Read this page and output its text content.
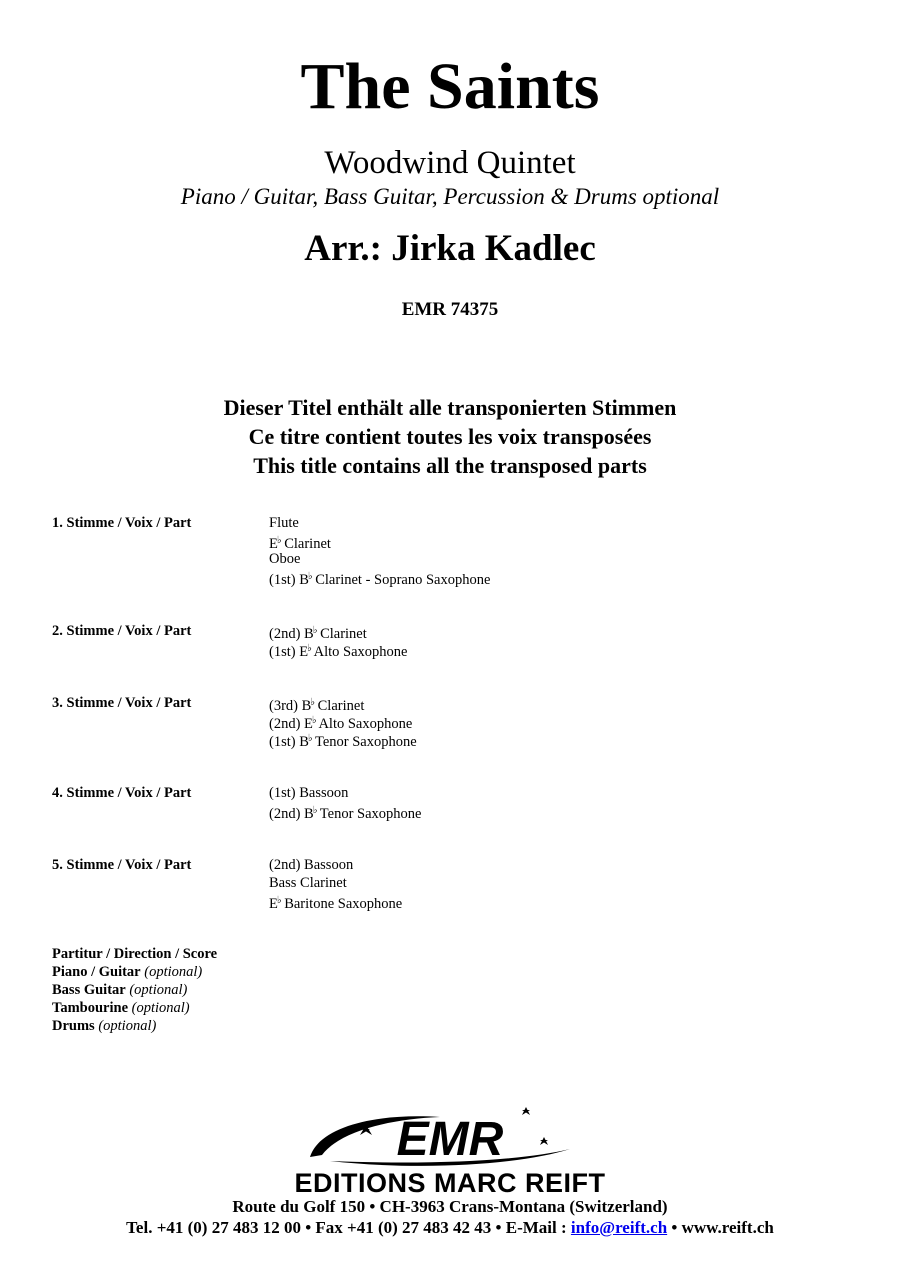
The Saints
Woodwind Quintet
Piano / Guitar, Bass Guitar, Percussion & Drums optional
Arr.: Jirka Kadlec
EMR 74375
Dieser Titel enthält alle transponierten Stimmen
Ce titre contient toutes les voix transposées
This title contains all the transposed parts
1. Stimme / Voix / Part	Flute
E♭ Clarinet
Oboe
(1st) B♭ Clarinet - Soprano Saxophone
2. Stimme / Voix / Part	(2nd) B♭ Clarinet
(1st) E♭ Alto Saxophone
3. Stimme / Voix / Part	(3rd) B♭ Clarinet
(2nd) E♭ Alto Saxophone
(1st) B♭ Tenor Saxophone
4. Stimme / Voix / Part	(1st) Bassoon
(2nd) B♭ Tenor Saxophone
5. Stimme / Voix / Part	(2nd) Bassoon
Bass Clarinet
E♭ Baritone Saxophone
Partitur / Direction / Score
Piano / Guitar (optional)
Bass Guitar (optional)
Tambourine (optional)
Drums (optional)
EMR
EDITIONS MARC REIFT
Route du Golf 150 • CH-3963 Crans-Montana (Switzerland)
Tel. +41 (0) 27 483 12 00 • Fax +41 (0) 27 483 42 43 • E-Mail : info@reift.ch • www.reift.ch
